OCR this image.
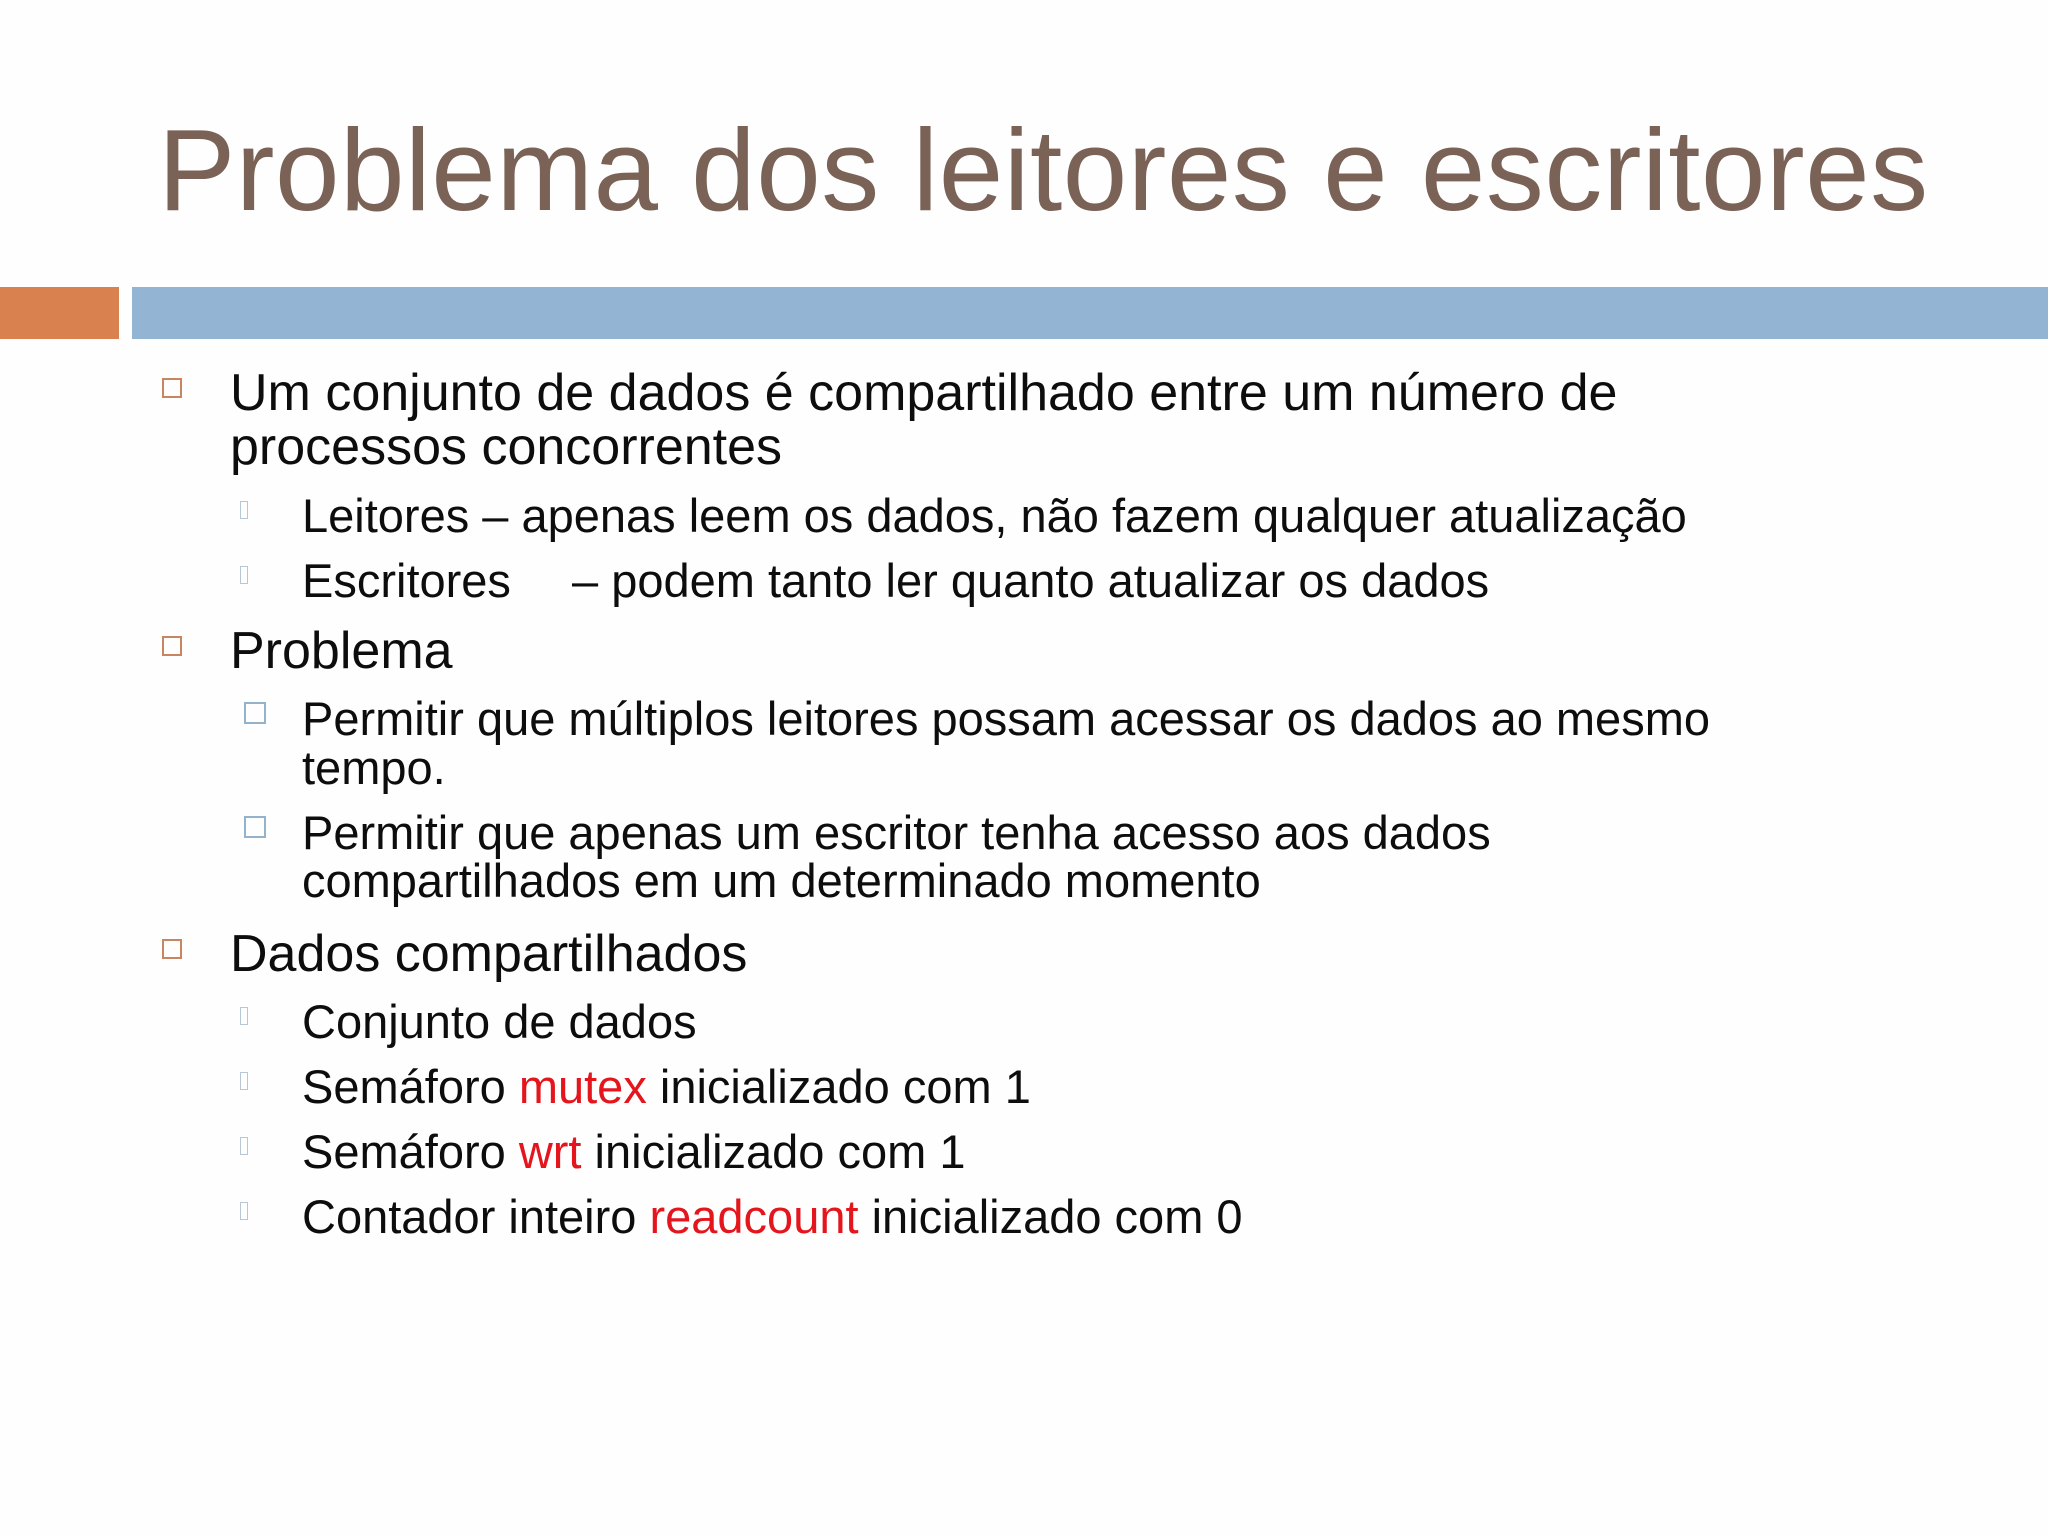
Problema dos leitores e escritores
Um conjunto de dados é compartilhado entre um número de
processos concorrentes
Leitores – apenas leem os dados, não fazem qualquer atualização
Escritores – podem tanto ler quanto atualizar os dados
Problema
Permitir que múltiplos leitores possam acessar os dados ao mesmo
tempo.
Permitir que apenas um escritor tenha acesso aos dados
compartilhados em um determinado momento
Dados compartilhados
Conjunto de dados
Semáforo mutex inicializado com 1
Semáforo wrt inicializado com 1
Contador inteiro readcount inicializado com 0
